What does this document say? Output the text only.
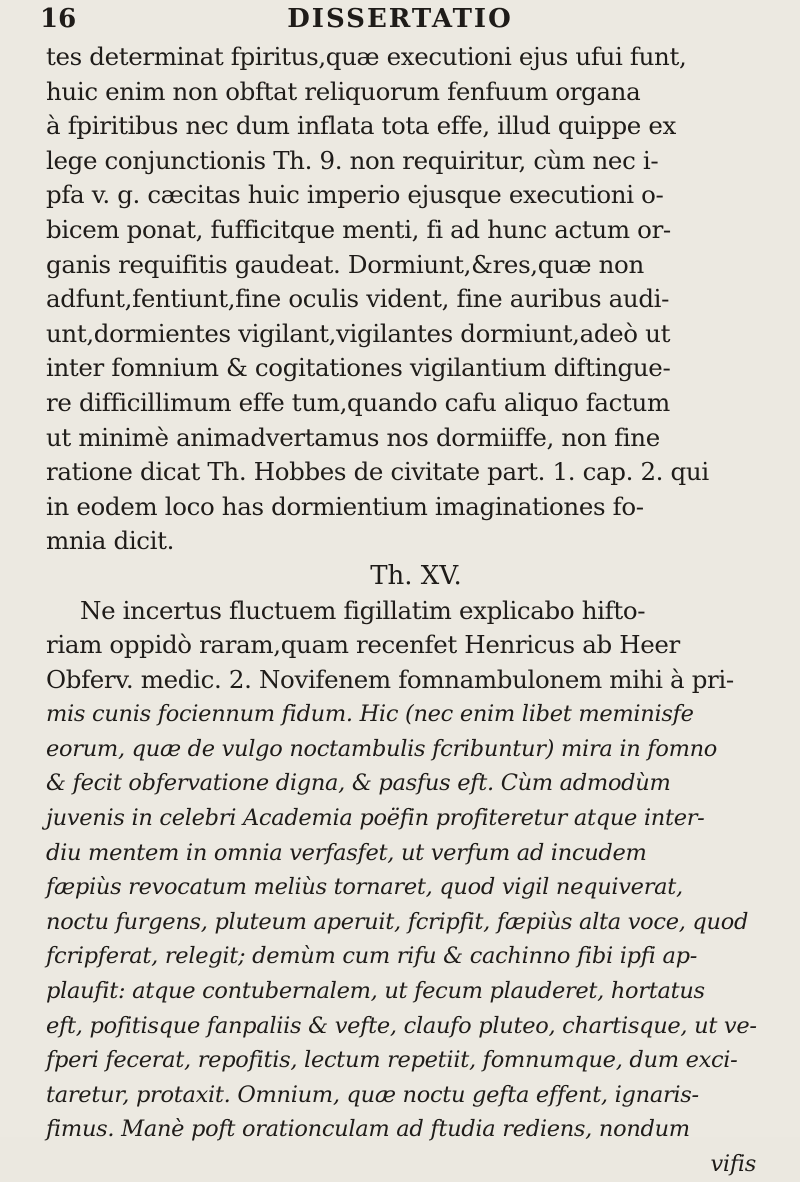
16	DISSERTATIO
tes determinat fpiritus,quæ executioni ejus ufui funt,
huic enim non obftat reliquorum fenfuum organa
à fpiritibus nec dum inflata tota effe, illud quippe ex
lege conjunctionis Th. 9. non requiritur, cùm nec i-
pfa v. g. cæcitas huic imperio ejusque executioni o-
bicem ponat, fufficitque menti, fi ad hunc actum or-
ganis requifitis gaudeat. Dormiunt,&res,quæ non
adfunt,fentiunt,fine oculis vident, fine auribus audi-
unt,dormientes vigilant,vigilantes dormiunt,adeò ut
inter fomnium & cogitationes vigilantium diftingue-
re difficillimum effe tum,quando cafu aliquo factum
ut minimè animadvertamus nos dormiiffe, non fine
ratione dicat Th. Hobbes de civitate part. 1. cap. 2. qui
in eodem loco has dormientium imaginationes fo-
mnia dicit.
Th. XV.
Ne incertus fluctuem figillatim explicabo hifto-
riam oppidò raram,quam recenfet Henricus ab Heer
Obferv. medic. 2. Novifenem fomnambulonem mihi à pri-
mis cunis fociennum fidum. Hic (nec enim libet meminisfe
eorum, quæ de vulgo noctambulis fcribuntur) mira in fomno
& fecit obfervatione digna, & pasfus eft. Cùm admodùm
juvenis in celebri Academia poëfin profiteretur atque inter-
diu mentem in omnia verfasfet, ut verfum ad incudem
fæpiùs revocatum meliùs tornaret, quod vigil nequiverat,
noctu furgens, pluteum aperuit, fcripfit, fæpiùs alta voce, quod
fcripferat, relegit; demùm cum rifu & cachinno fibi ipfi ap-
plaufit: atque contubernalem, ut fecum plauderet, hortatus
eft, pofitisque fanpaliis & vefte, claufo pluteo, chartisque, ut ve-
fperi fecerat, repofitis, lectum repetiit, fomnumque, dum exci-
taretur, protaxit. Omnium, quæ noctu gefta effent, ignaris-
fimus. Manè poft orationculam ad ftudia rediens, nondum
vifis
